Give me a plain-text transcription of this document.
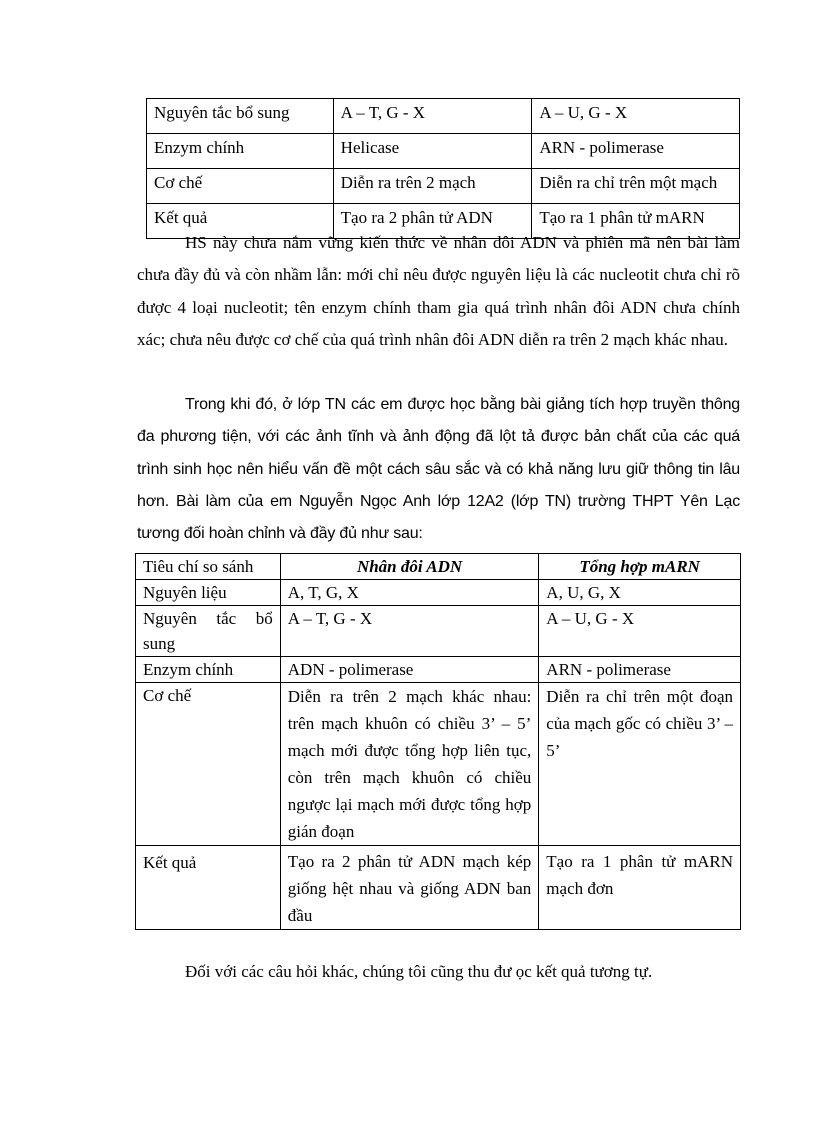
Nguyên tắc bổ sung	A – T, G - X	A – U, G - X
Enzym chính	Helicase	ARN - polimerase
Cơ chế	Diễn ra trên 2 mạch	Diễn ra chỉ trên một mạch
Kết quả	Tạo ra 2 phân tử ADN	Tạo ra 1 phân tử mARN

HS này chưa nắm vững kiến thức về nhân đôi ADN và phiên mã nên bài làm chưa đầy đủ và còn nhầm lẫn: mới chỉ nêu được nguyên liệu là các nucleotit chưa chỉ rõ được 4 loại nucleotit; tên enzym chính tham gia quá trình nhân đôi ADN chưa chính xác; chưa nêu được cơ chế của quá trình nhân đôi ADN diễn ra trên 2 mạch khác nhau.

Trong khi đó, ở lớp TN các em được học bằng bài giảng tích hợp truyền thông đa phương tiện, với các ảnh tĩnh và ảnh động đã lột tả được bản chất của các quá trình sinh học nên hiểu vấn đề một cách sâu sắc và có khả năng lưu giữ thông tin lâu hơn. Bài làm của em Nguyễn Ngọc Anh lớp 12A2 (lớp TN) trường THPT Yên Lạc tương đối hoàn chỉnh và đầy đủ như sau:

Tiêu chí so sánh	Nhân đôi ADN	Tổng hợp mARN
Nguyên liệu	A, T, G, X	A, U, G, X
Nguyên tắc bổ sung	A – T, G - X	A – U, G - X
Enzym chính	ADN - polimerase	ARN - polimerase
Cơ chế	Diễn ra trên 2 mạch khác nhau: trên mạch khuôn có chiều 3’ – 5’ mạch mới được tổng hợp liên tục, còn trên mạch khuôn có chiều ngược lại mạch mới được tổng hợp gián đoạn	Diễn ra chỉ trên một đoạn của mạch gốc có chiều 3’ – 5’
Kết quả	Tạo ra 2 phân tử ADN mạch kép giống hệt nhau và giống ADN ban đầu	Tạo ra 1 phân tử mARN mạch đơn

Đối với các câu hỏi khác, chúng tôi cũng thu đư ọc kết quả tương tự.
